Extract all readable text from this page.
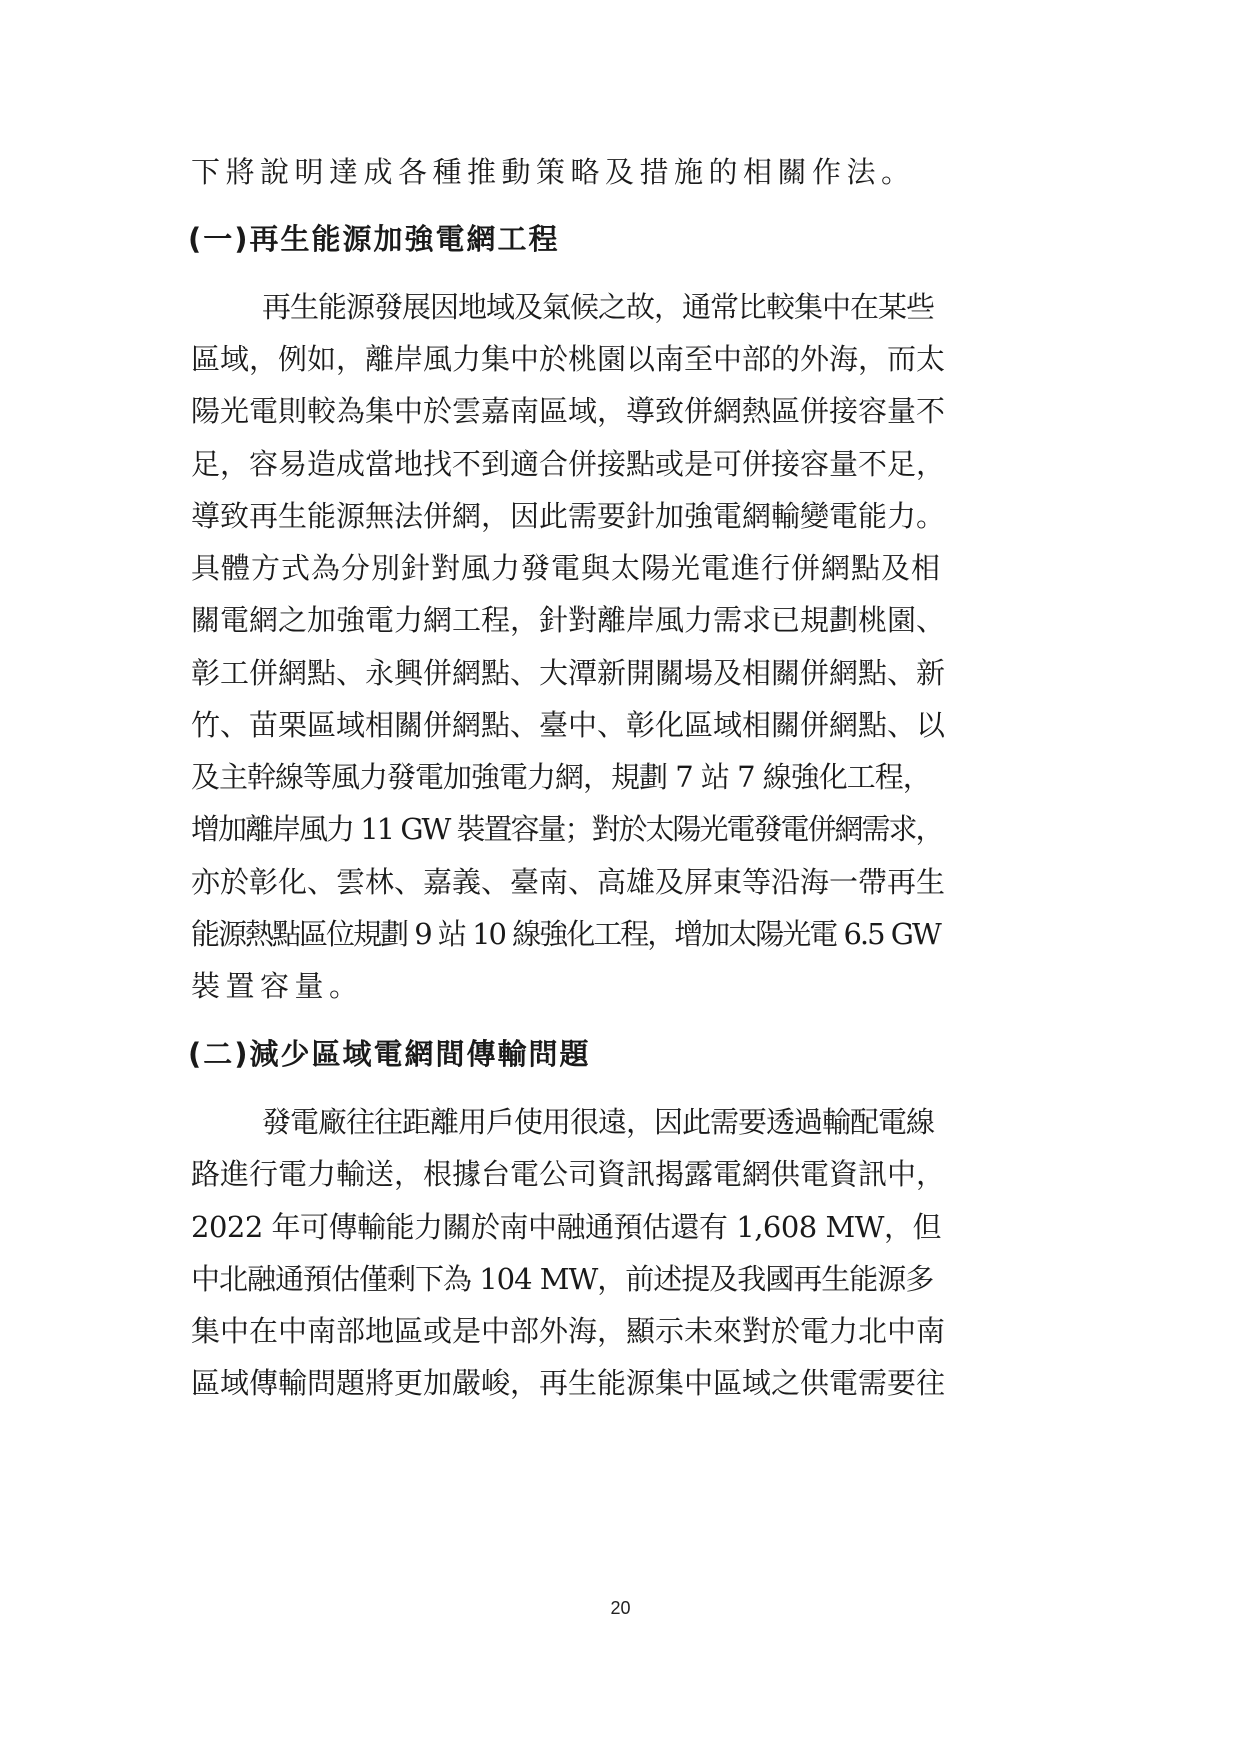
下將說明達成各種推動策略及措施的相關作法。
(一)再生能源加強電網工程
再生能源發展因地域及氣候之故，通常比較集中在某些
區域，例如，離岸風力集中於桃園以南至中部的外海，而太
陽光電則較為集中於雲嘉南區域，導致併網熱區併接容量不
足，容易造成當地找不到適合併接點或是可併接容量不足，
導致再生能源無法併網，因此需要針加強電網輸變電能力。
具體方式為分別針對風力發電與太陽光電進行併網點及相
關電網之加強電力網工程，針對離岸風力需求已規劃桃園、
彰工併網點、永興併網點、大潭新開關場及相關併網點、新
竹、苗栗區域相關併網點、臺中、彰化區域相關併網點、以
及主幹線等風力發電加強電力網，規劃 7 站 7 線強化工程，
增加離岸風力 11 GW 裝置容量；對於太陽光電發電併網需求，
亦於彰化、雲林、嘉義、臺南、高雄及屏東等沿海一帶再生
能源熱點區位規劃 9 站 10 線強化工程，增加太陽光電 6.5 GW
裝置容量。
(二)減少區域電網間傳輸問題
發電廠往往距離用戶使用很遠，因此需要透過輸配電線
路進行電力輸送，根據台電公司資訊揭露電網供電資訊中，
2022 年可傳輸能力關於南中融通預估還有 1,608 MW，但
中北融通預估僅剩下為 104 MW，前述提及我國再生能源多
集中在中南部地區或是中部外海，顯示未來對於電力北中南
區域傳輸問題將更加嚴峻，再生能源集中區域之供電需要往
20
